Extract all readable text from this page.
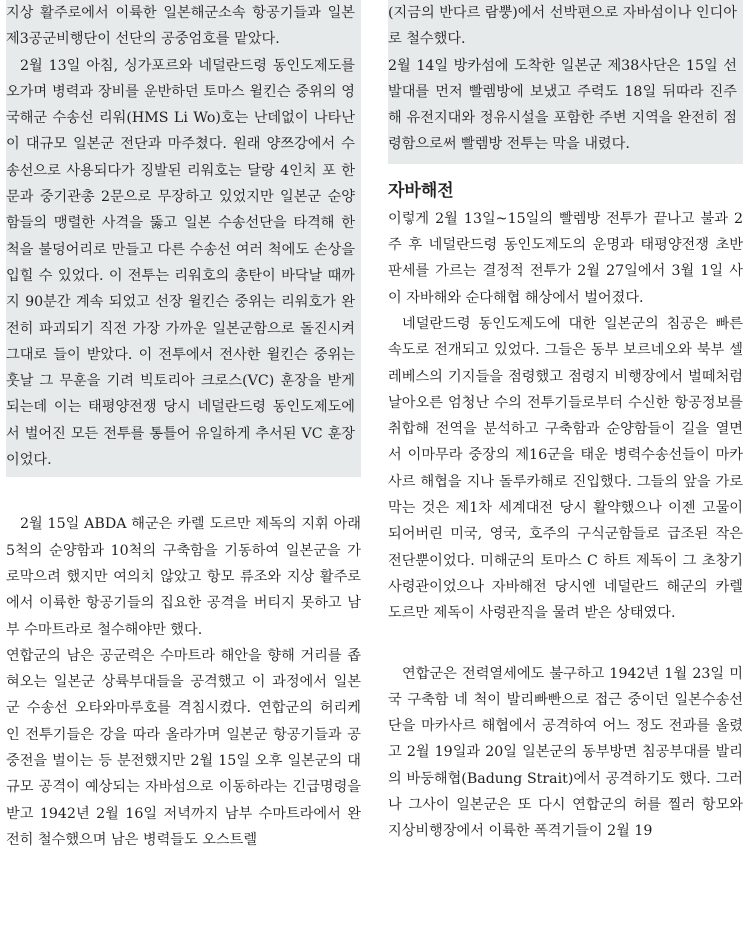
지상 활주로에서 이륙한 일본해군소속 항공기들과 일본 제3공군비행단이 선단의 공중엄호를 맡았다.

2월 13일 아침, 싱가포르와 네덜란드령 동인도제도를 오가며 병력과 장비를 운반하던 토마스 윌킨슨 중위의 영국해군 수송선 리워(HMS Li Wo)호는 난데없이 나타난 이 대규모 일본군 전단과 마주쳤다. 원래 양쯔강에서 수송선으로 사용되다가 징발된 리워호는 달랑 4인치 포 한 문과 중기관총 2문으로 무장하고 있었지만 일본군 순양함들의 맹렬한 사격을 뚫고 일본 수송선단을 타격해 한 척을 불덩어리로 만들고 다른 수송선 여러 척에도 손상을 입힐 수 있었다. 이 전투는 리워호의 총탄이 바닥날 때까지 90분간 계속 되었고 선장 윌킨슨 중위는 리워호가 완전히 파괴되기 직전 가장 가까운 일본군함으로 돌진시켜 그대로 들이 받았다. 이 전투에서 전사한 윌킨슨 중위는 훗날 그 무훈을 기려 빅토리아 크로스(VC) 훈장을 받게 되는데 이는 태평양전쟁 당시 네덜란드령 동인도제도에서 벌어진 모든 전투를 통틀어 유일하게 추서된 VC 훈장이었다.

2월 15일 ABDA 해군은 카렐 도르만 제독의 지휘 아래 5척의 순양함과 10척의 구축함을 기동하여 일본군을 가로막으려 했지만 여의치 않았고 항모 류조와 지상 활주로에서 이륙한 항공기들의 집요한 공격을 버티지 못하고 남부 수마트라로 철수해야만 했다.

연합군의 남은 공군력은 수마트라 해안을 향해 거리를 좁혀오는 일본군 상륙부대들을 공격했고 이 과정에서 일본군 수송선 오타와마루호를 격침시켰다. 연합군의 허리케인 전투기들은 강을 따라 올라가며 일본군 항공기들과 공중전을 벌이는 등 분전했지만 2월 15일 오후 일본군의 대규모 공격이 예상되는 자바섬으로 이동하라는 긴급명령을 받고 1942년 2월 16일 저녁까지 남부 수마트라에서 완전히 철수했으며 남은 병력들도 오스트렐

(지금의 반다르 람뿡)에서 선박편으로 자바섬이나 인디아로 철수했다.

2월 14일 방카섬에 도착한 일본군 제38사단은 15일 선발대를 먼저 빨렘방에 보냈고 주력도 18일 뒤따라 진주해 유전지대와 정유시설을 포함한 주변 지역을 완전히 점령함으로써 빨렘방 전투는 막을 내렸다.

자바해전

이렇게 2월 13일~15일의 빨렘방 전투가 끝나고 불과 2주 후 네덜란드령 동인도제도의 운명과 태평양전쟁 초반 판세를 가르는 결정적 전투가 2월 27일에서 3월 1일 사이 자바해와 순다해협 해상에서 벌어졌다.

네덜란드령 동인도제도에 대한 일본군의 침공은 빠른 속도로 전개되고 있었다. 그들은 동부 보르네오와 북부 셀레베스의 기지들을 점령했고 점령지 비행장에서 벌떼처럼 날아오른 엄청난 수의 전투기들로부터 수신한 항공정보를 취합해 전역을 분석하고 구축함과 순양함들이 길을 열면서 이마무라 중장의 제16군을 태운 병력수송선들이 마카사르 해협을 지나 돌루카해로 진입했다. 그들의 앞을 가로막는 것은 제1차 세계대전 당시 활약했으나 이젠 고물이 되어버린 미국, 영국, 호주의 구식군함들로 급조된 작은 전단뿐이었다. 미해군의 토마스 C 하트 제독이 그 초창기 사령관이었으나 자바해전 당시엔 네덜란드 해군의 카렐 도르만 제독이 사령관직을 물려 받은 상태였다.

연합군은 전력열세에도 불구하고 1942년 1월 23일 미국 구축함 네 척이 발리빠빤으로 접근 중이던 일본수송선단을 마카사르 해협에서 공격하여 어느 정도 전과를 올렸고 2월 19일과 20일 일본군의 동부방면 침공부대를 발리의 바둥해협(Badung Strait)에서 공격하기도 했다. 그러나 그사이 일본군은 또 다시 연합군의 허를 찔러 항모와 지상비행장에서 이륙한 폭격기들이 2월 19
